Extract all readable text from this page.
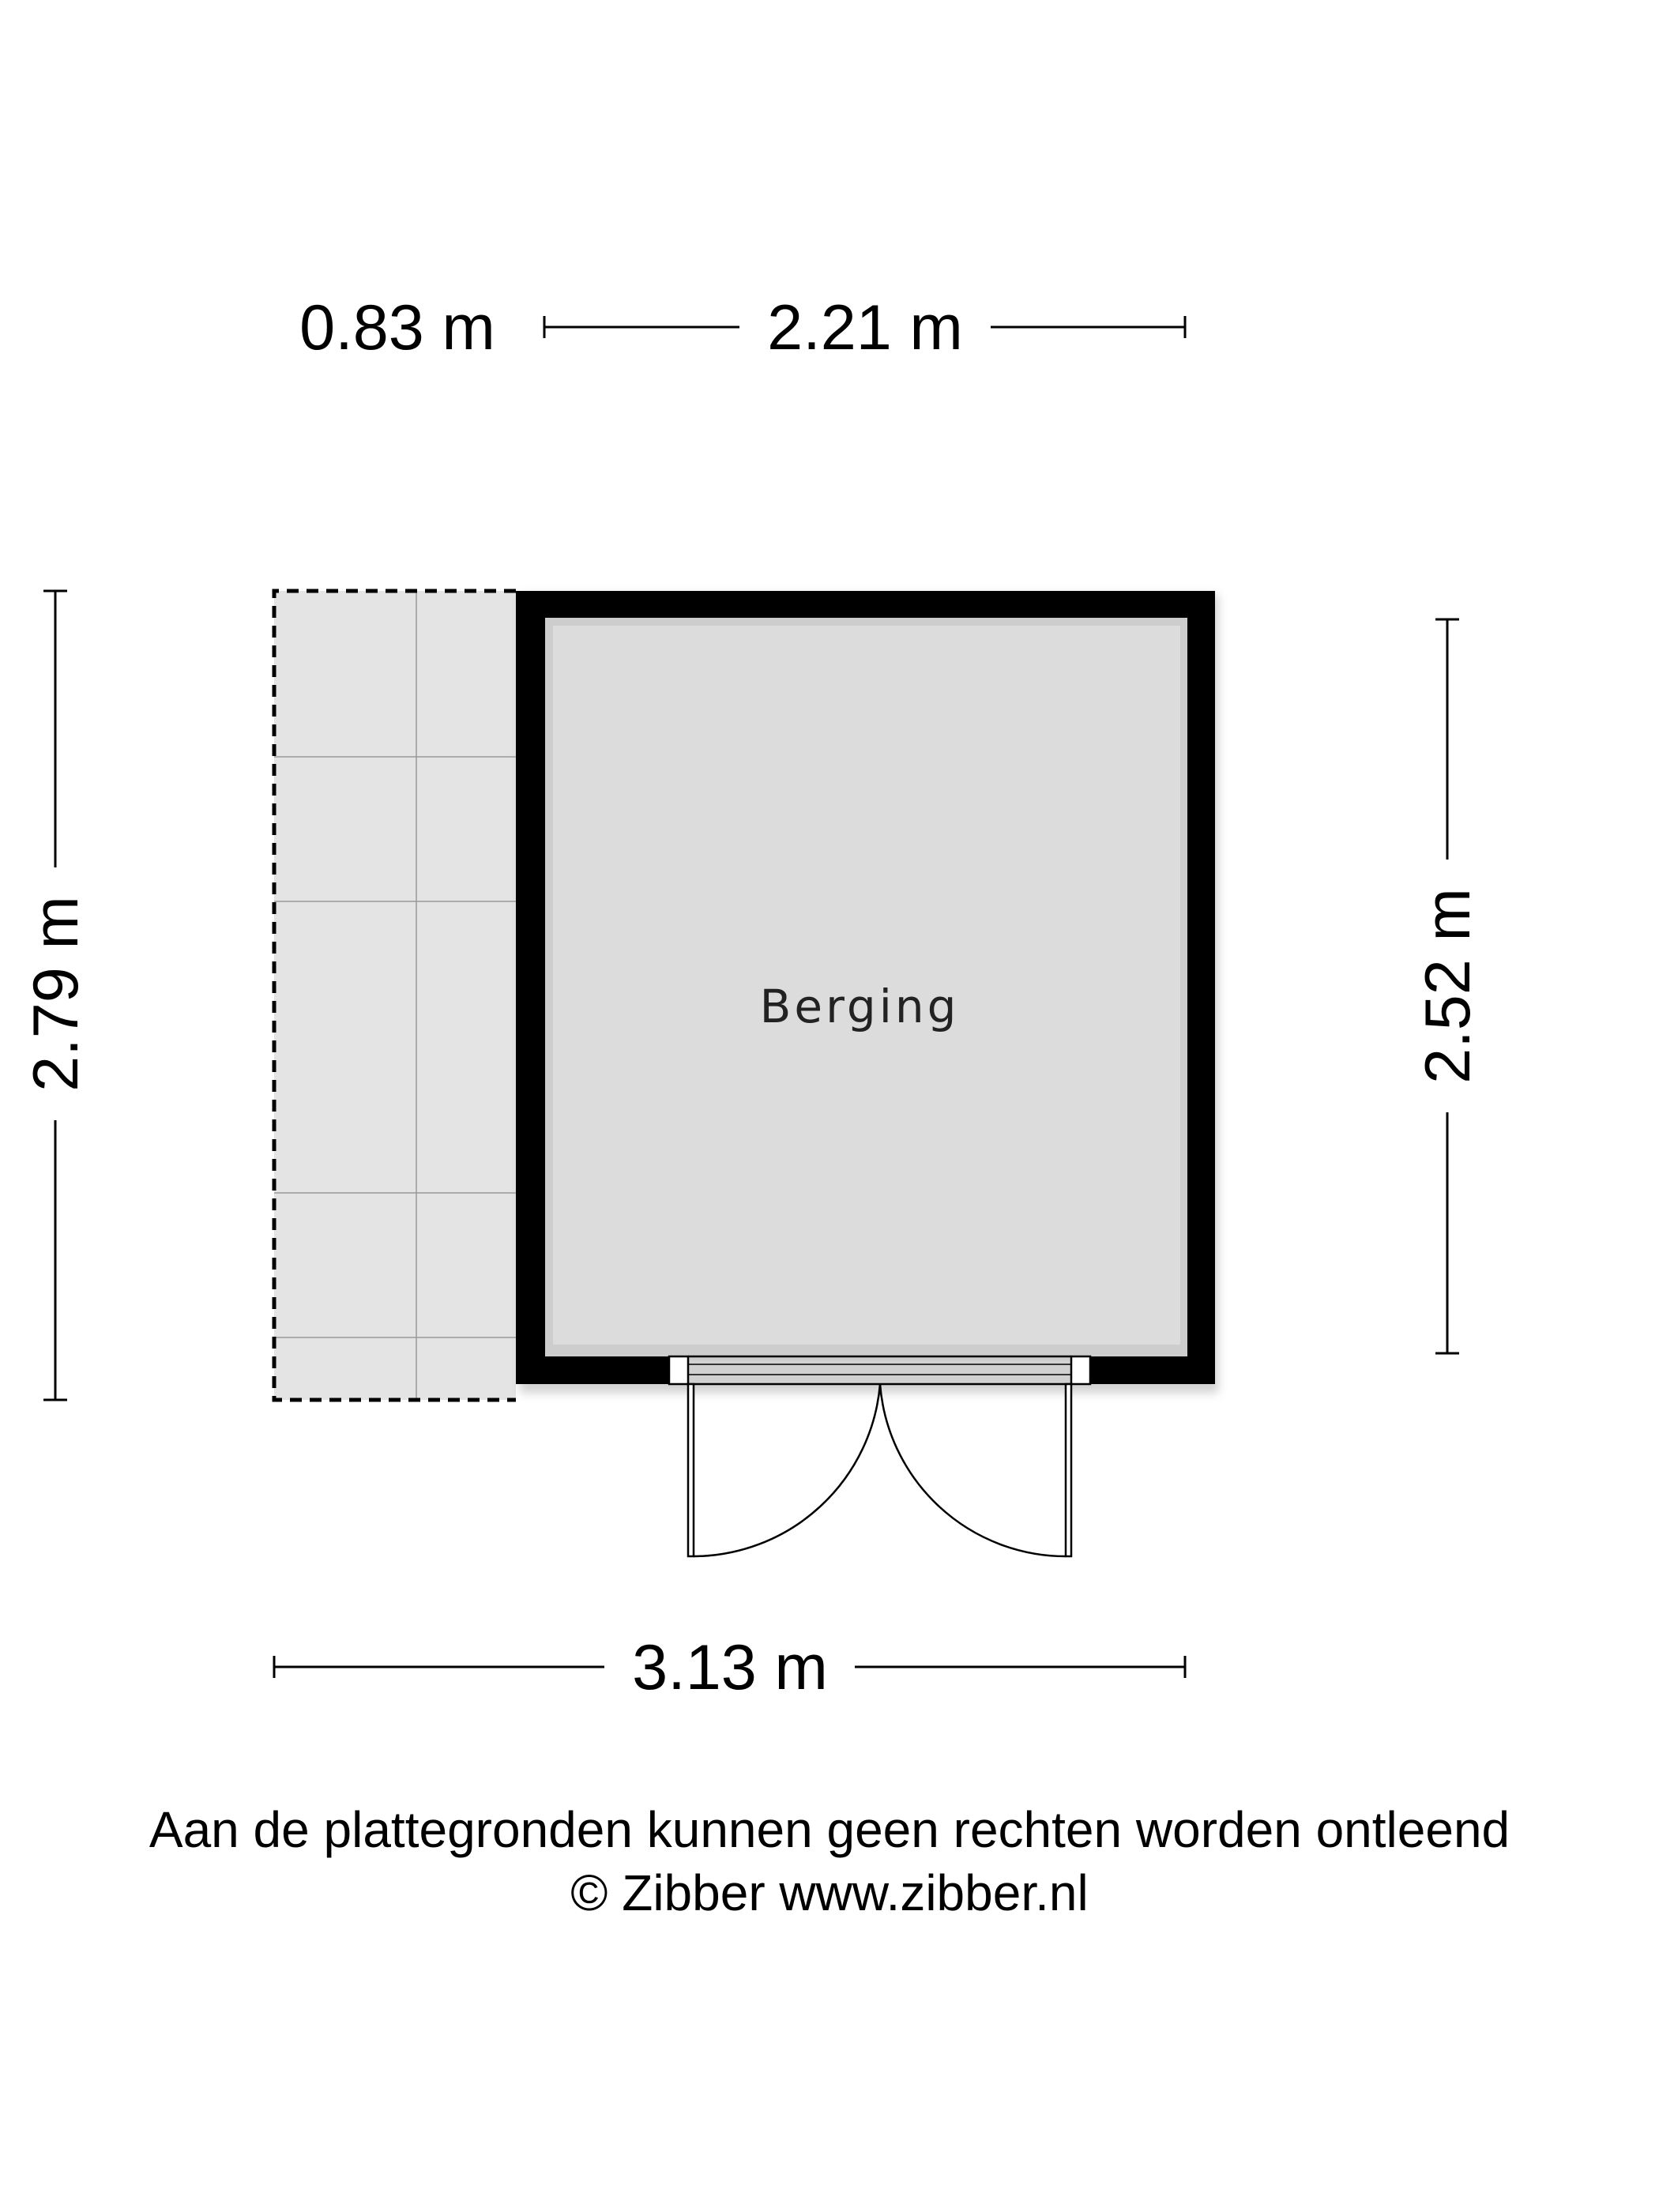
0.83 m	2.21 m
2.79 m	2.52 m
3.13 m
Berging
Aan de plattegronden kunnen geen rechten worden ontleend
© Zibber www.zibber.nl
